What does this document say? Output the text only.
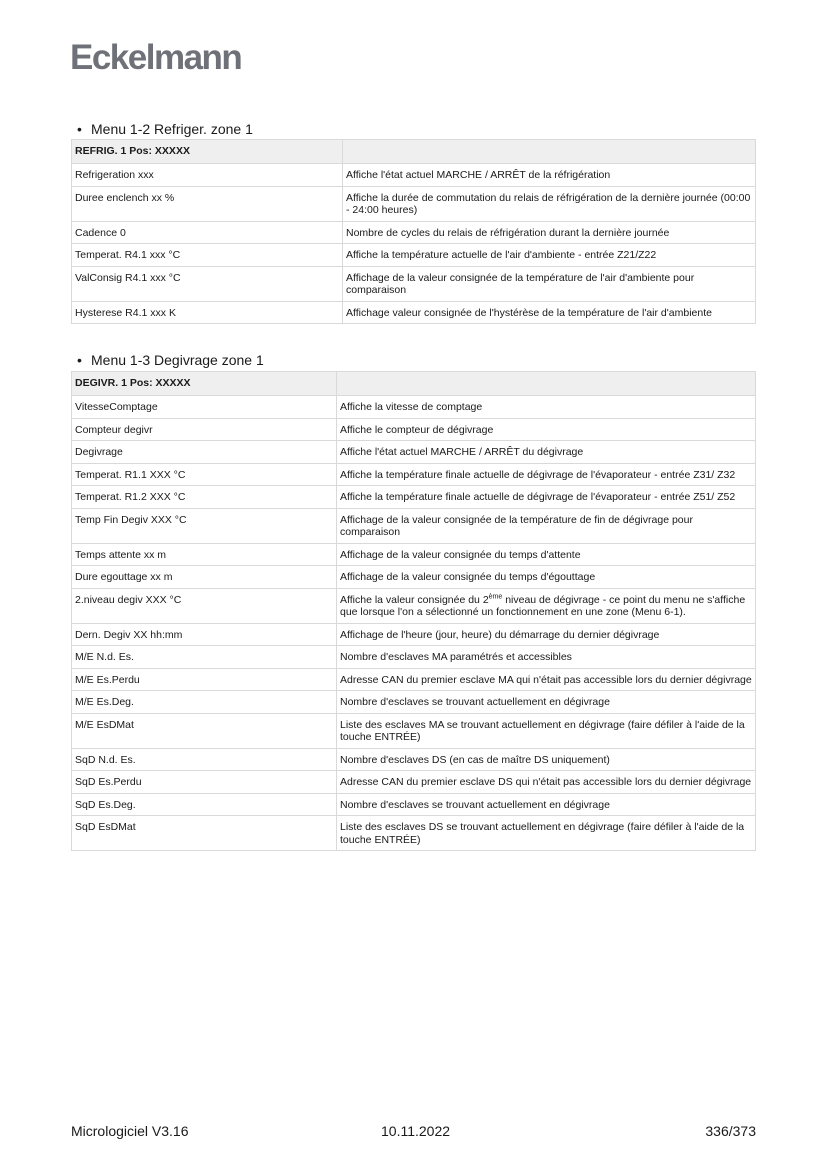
Eckelmann
• Menu 1-2 Refriger. zone 1
REFRIG. 1 Pos: XXXXX	
Refrigeration xxx	Affiche l'état actuel MARCHE / ARRÊT de la réfrigération
Duree enclench xx %	Affiche la durée de commutation du relais de réfrigération de la dernière journée (00:00 - 24:00 heures)
Cadence 0	Nombre de cycles du relais de réfrigération durant la dernière journée
Temperat. R4.1 xxx °C	Affiche la température actuelle de l'air d'ambiente - entrée Z21/Z22
ValConsig R4.1 xxx °C	Affichage de la valeur consignée de la température de l'air d'ambiente pour comparaison
Hysterese R4.1 xxx K	Affichage valeur consignée de l'hystérèse de la température de l'air d'ambiente
• Menu 1-3 Degivrage zone 1
DEGIVR. 1 Pos: XXXXX	
VitesseComptage	Affiche la vitesse de comptage
Compteur degivr	Affiche le compteur de dégivrage
Degivrage	Affiche l'état actuel MARCHE / ARRÊT du dégivrage
Temperat. R1.1 XXX °C	Affiche la température finale actuelle de dégivrage de l'évaporateur - entrée Z31/ Z32
Temperat. R1.2 XXX °C	Affiche la température finale actuelle de dégivrage de l'évaporateur - entrée Z51/ Z52
Temp Fin Degiv XXX °C	Affichage de la valeur consignée de la température de fin de dégivrage pour comparaison
Temps attente xx m	Affichage de la valeur consignée du temps d'attente
Dure egouttage xx m	Affichage de la valeur consignée du temps d'égouttage
2.niveau degiv XXX °C	Affiche la valeur consignée du 2ème niveau de dégivrage - ce point du menu ne s'affiche que lorsque l'on a sélectionné un fonctionnement en une zone (Menu 6-1).
Dern. Degiv XX hh:mm	Affichage de l'heure (jour, heure) du démarrage du dernier dégivrage
M/E N.d. Es.	Nombre d'esclaves MA paramétrés et accessibles
M/E Es.Perdu	Adresse CAN du premier esclave MA qui n'était pas accessible lors du dernier dégivrage
M/E Es.Deg.	Nombre d'esclaves se trouvant actuellement en dégivrage
M/E EsDMat	Liste des esclaves MA se trouvant actuellement en dégivrage (faire défiler à l'aide de la touche ENTRÉE)
SqD N.d. Es.	Nombre d'esclaves DS (en cas de maître DS uniquement)
SqD Es.Perdu	Adresse CAN du premier esclave DS qui n'était pas accessible lors du dernier dégivrage
SqD Es.Deg.	Nombre d'esclaves se trouvant actuellement en dégivrage
SqD EsDMat	Liste des esclaves DS se trouvant actuellement en dégivrage (faire défiler à l'aide de la touche ENTRÉE)
Micrologiciel V3.16	10.11.2022	336/373
